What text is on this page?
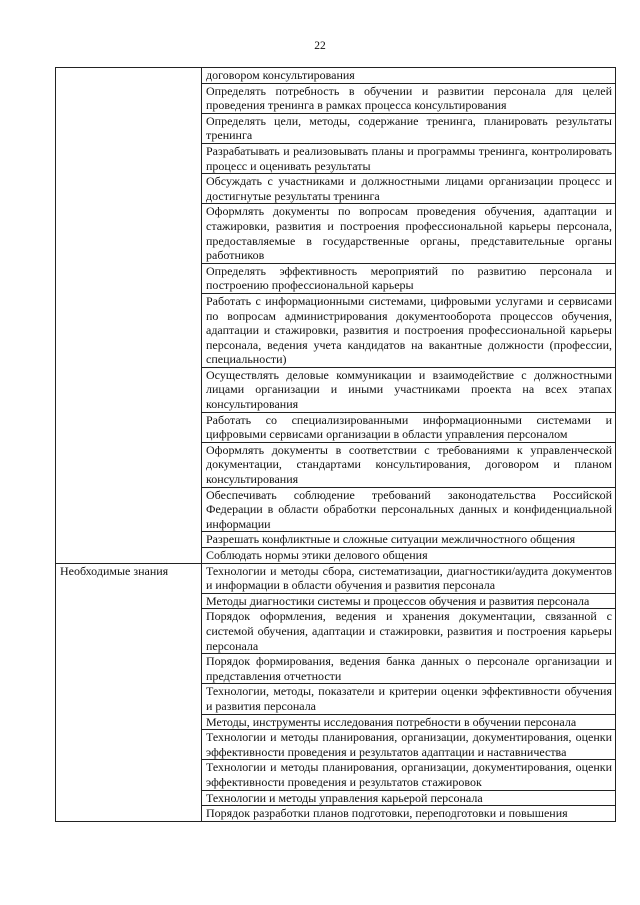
22
	договором консультирования
	Определять потребность в обучении и развитии персонала для целей проведения тренинга в рамках процесса консультирования
	Определять цели, методы, содержание тренинга, планировать результаты тренинга
	Разрабатывать и реализовывать планы и программы тренинга, контролировать процесс и оценивать результаты
	Обсуждать с участниками и должностными лицами организации процесс и достигнутые результаты тренинга
	Оформлять документы по вопросам проведения обучения, адаптации и стажировки, развития и построения профессиональной карьеры персонала, предоставляемые в государственные органы, представительные органы работников
	Определять эффективность мероприятий по развитию персонала и построению профессиональной карьеры
	Работать с информационными системами, цифровыми услугами и сервисами по вопросам администрирования документооборота процессов обучения, адаптации и стажировки, развития и построения профессиональной карьеры персонала, ведения учета кандидатов на вакантные должности (профессии, специальности)
	Осуществлять деловые коммуникации и взаимодействие с должностными лицами организации и иными участниками проекта на всех этапах консультирования
	Работать со специализированными информационными системами и цифровыми сервисами организации в области управления персоналом
	Оформлять документы в соответствии с требованиями к управленческой документации, стандартами консультирования, договором и планом консультирования
	Обеспечивать соблюдение требований законодательства Российской Федерации в области обработки персональных данных и конфиденциальной информации
	Разрешать конфликтные и сложные ситуации межличностного общения
	Соблюдать нормы этики делового общения
Необходимые знания	Технологии и методы сбора, систематизации, диагностики/аудита документов и информации в области обучения и развития персонала
	Методы диагностики системы и процессов обучения и развития персонала
	Порядок оформления, ведения и хранения документации, связанной с системой обучения, адаптации и стажировки, развития и построения карьеры персонала
	Порядок формирования, ведения банка данных о персонале организации и представления отчетности
	Технологии, методы, показатели и критерии оценки эффективности обучения и развития персонала
	Методы, инструменты исследования потребности в обучении персонала
	Технологии и методы планирования, организации, документирования, оценки эффективности проведения и результатов адаптации и наставничества
	Технологии и методы планирования, организации, документирования, оценки эффективности проведения и результатов стажировок
	Технологии и методы управления карьерой персонала
	Порядок разработки планов подготовки, переподготовки и повышения
